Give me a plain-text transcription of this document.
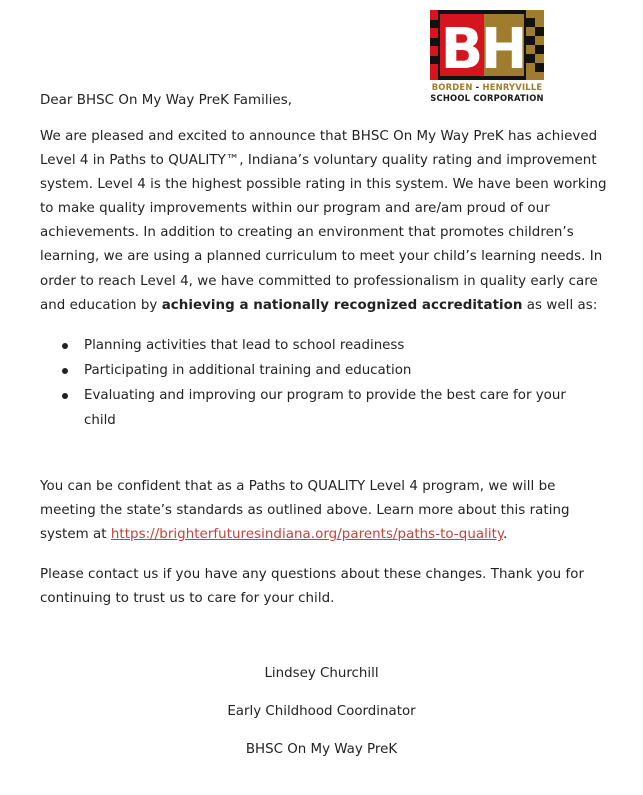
B
H
BORDEN - HENRYVILLE
SCHOOL CORPORATION

Dear BHSC On My Way PreK Families,

We are pleased and excited to announce that BHSC On My Way PreK has achieved Level 4 in Paths to QUALITY™, Indiana’s voluntary quality rating and improvement system. Level 4 is the highest possible rating in this system. We have been working to make quality improvements within our program and are/am proud of our achievements. In addition to creating an environment that promotes children’s learning, we are using a planned curriculum to meet your child’s learning needs. In order to reach Level 4, we have committed to professionalism in quality early care and education by achieving a nationally recognized accreditation as well as:

Planning activities that lead to school readiness
Participating in additional training and education
Evaluating and improving our program to provide the best care for your child

You can be confident that as a Paths to QUALITY Level 4 program, we will be meeting the state’s standards as outlined above. Learn more about this rating system at https://brighterfuturesindiana.org/parents/paths-to-quality.

Please contact us if you have any questions about these changes. Thank you for continuing to trust us to care for your child.

Lindsey Churchill
Early Childhood Coordinator
BHSC On My Way PreK
